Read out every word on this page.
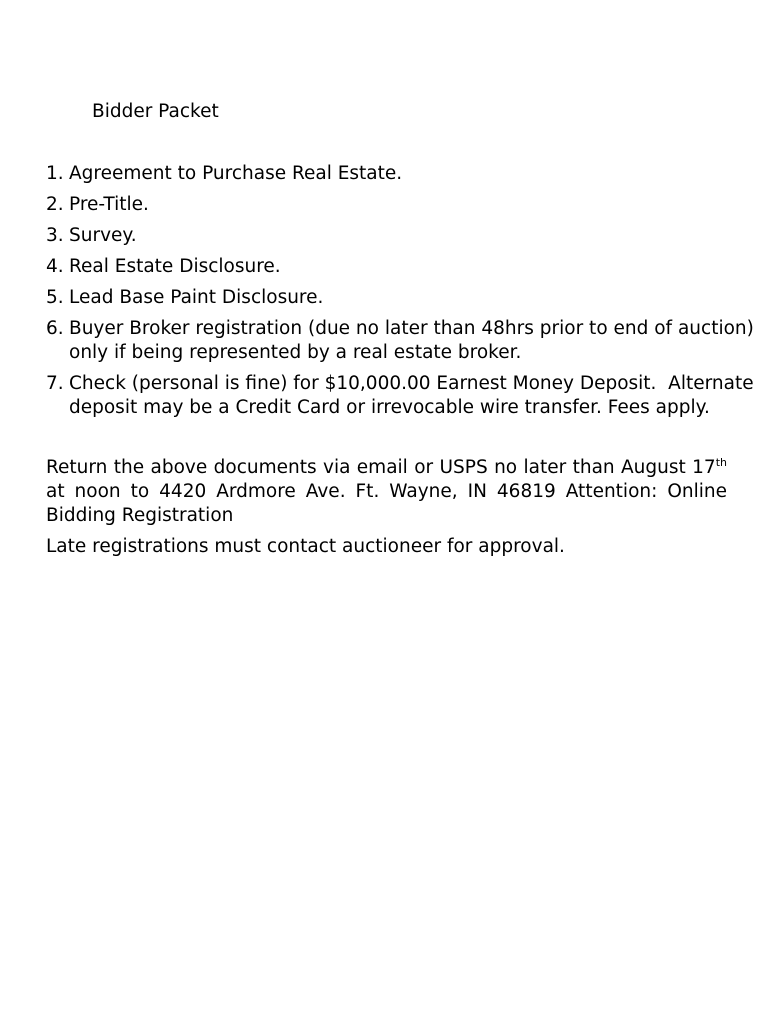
Bidder Packet
1. Agreement to Purchase Real Estate.
2. Pre-Title.
3. Survey.
4. Real Estate Disclosure.
5. Lead Base Paint Disclosure.
6. Buyer Broker registration (due no later than 48hrs prior to end of auction)
only if being represented by a real estate broker.
7. Check (personal is fine) for $10,000.00 Earnest Money Deposit.  Alternate
deposit may be a Credit Card or irrevocable wire transfer. Fees apply.

Return the above documents via email or USPS no later than August 17th at noon to 4420 Ardmore Ave. Ft. Wayne, IN 46819 Attention: Online Bidding Registration

Late registrations must contact auctioneer for approval.
